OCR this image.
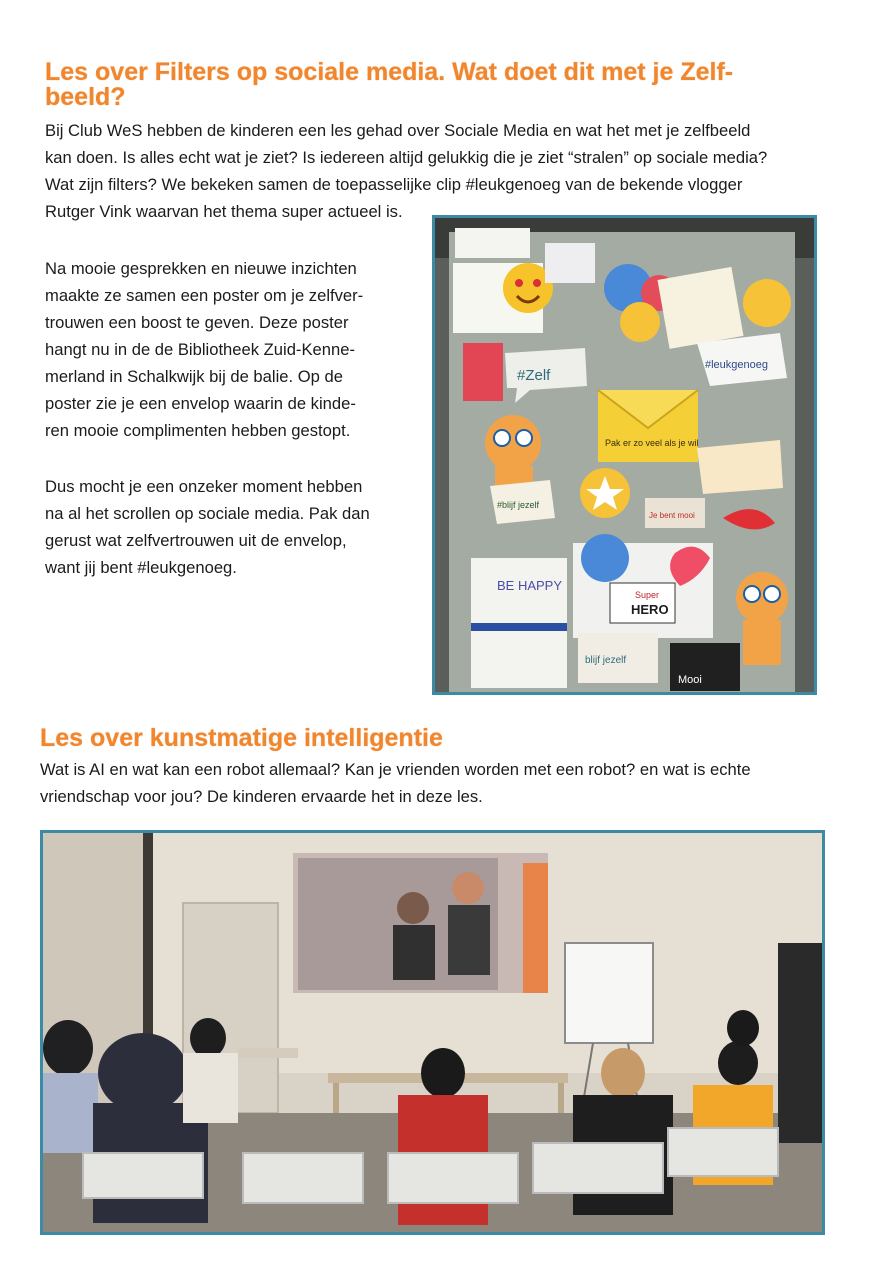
Les over Filters op sociale media. Wat doet dit met je Zelf-
beeld?
Bij Club WeS hebben de kinderen een les gehad over Sociale Media en wat het met je zelfbeeld
kan doen. Is alles echt wat je ziet? Is iedereen altijd gelukkig die je ziet “stralen” op sociale media?
Wat zijn filters? We bekeken samen de toepasselijke clip #leukgenoeg van de bekende vlogger
Rutger Vink waarvan het thema super actueel is.
Na mooie gesprekken en nieuwe inzichten
maakte ze samen een poster om je zelfver-
trouwen een boost te geven. Deze poster
hangt nu in de de Bibliotheek Zuid-Kenne-
merland in Schalkwijk bij de balie. Op de
poster zie je een envelop waarin de kinde-
ren mooie complimenten hebben gestopt.
Dus mocht je een onzeker moment hebben
na al het scrollen op sociale media. Pak dan
gerust wat zelfvertrouwen uit de envelop,
want jij bent #leukgenoeg.
#Zelf
#leukgenoeg
Pak er zo veel als je wil
#blijf jezelf
Je bent mooi
BE HAPPY
Super
HERO
blijf jezelf
Mooi
Les over kunstmatige intelligentie
Wat is AI en wat kan een robot allemaal? Kan je vrienden worden met een robot? en wat is echte
vriendschap voor jou? De kinderen ervaarde het in deze les.
